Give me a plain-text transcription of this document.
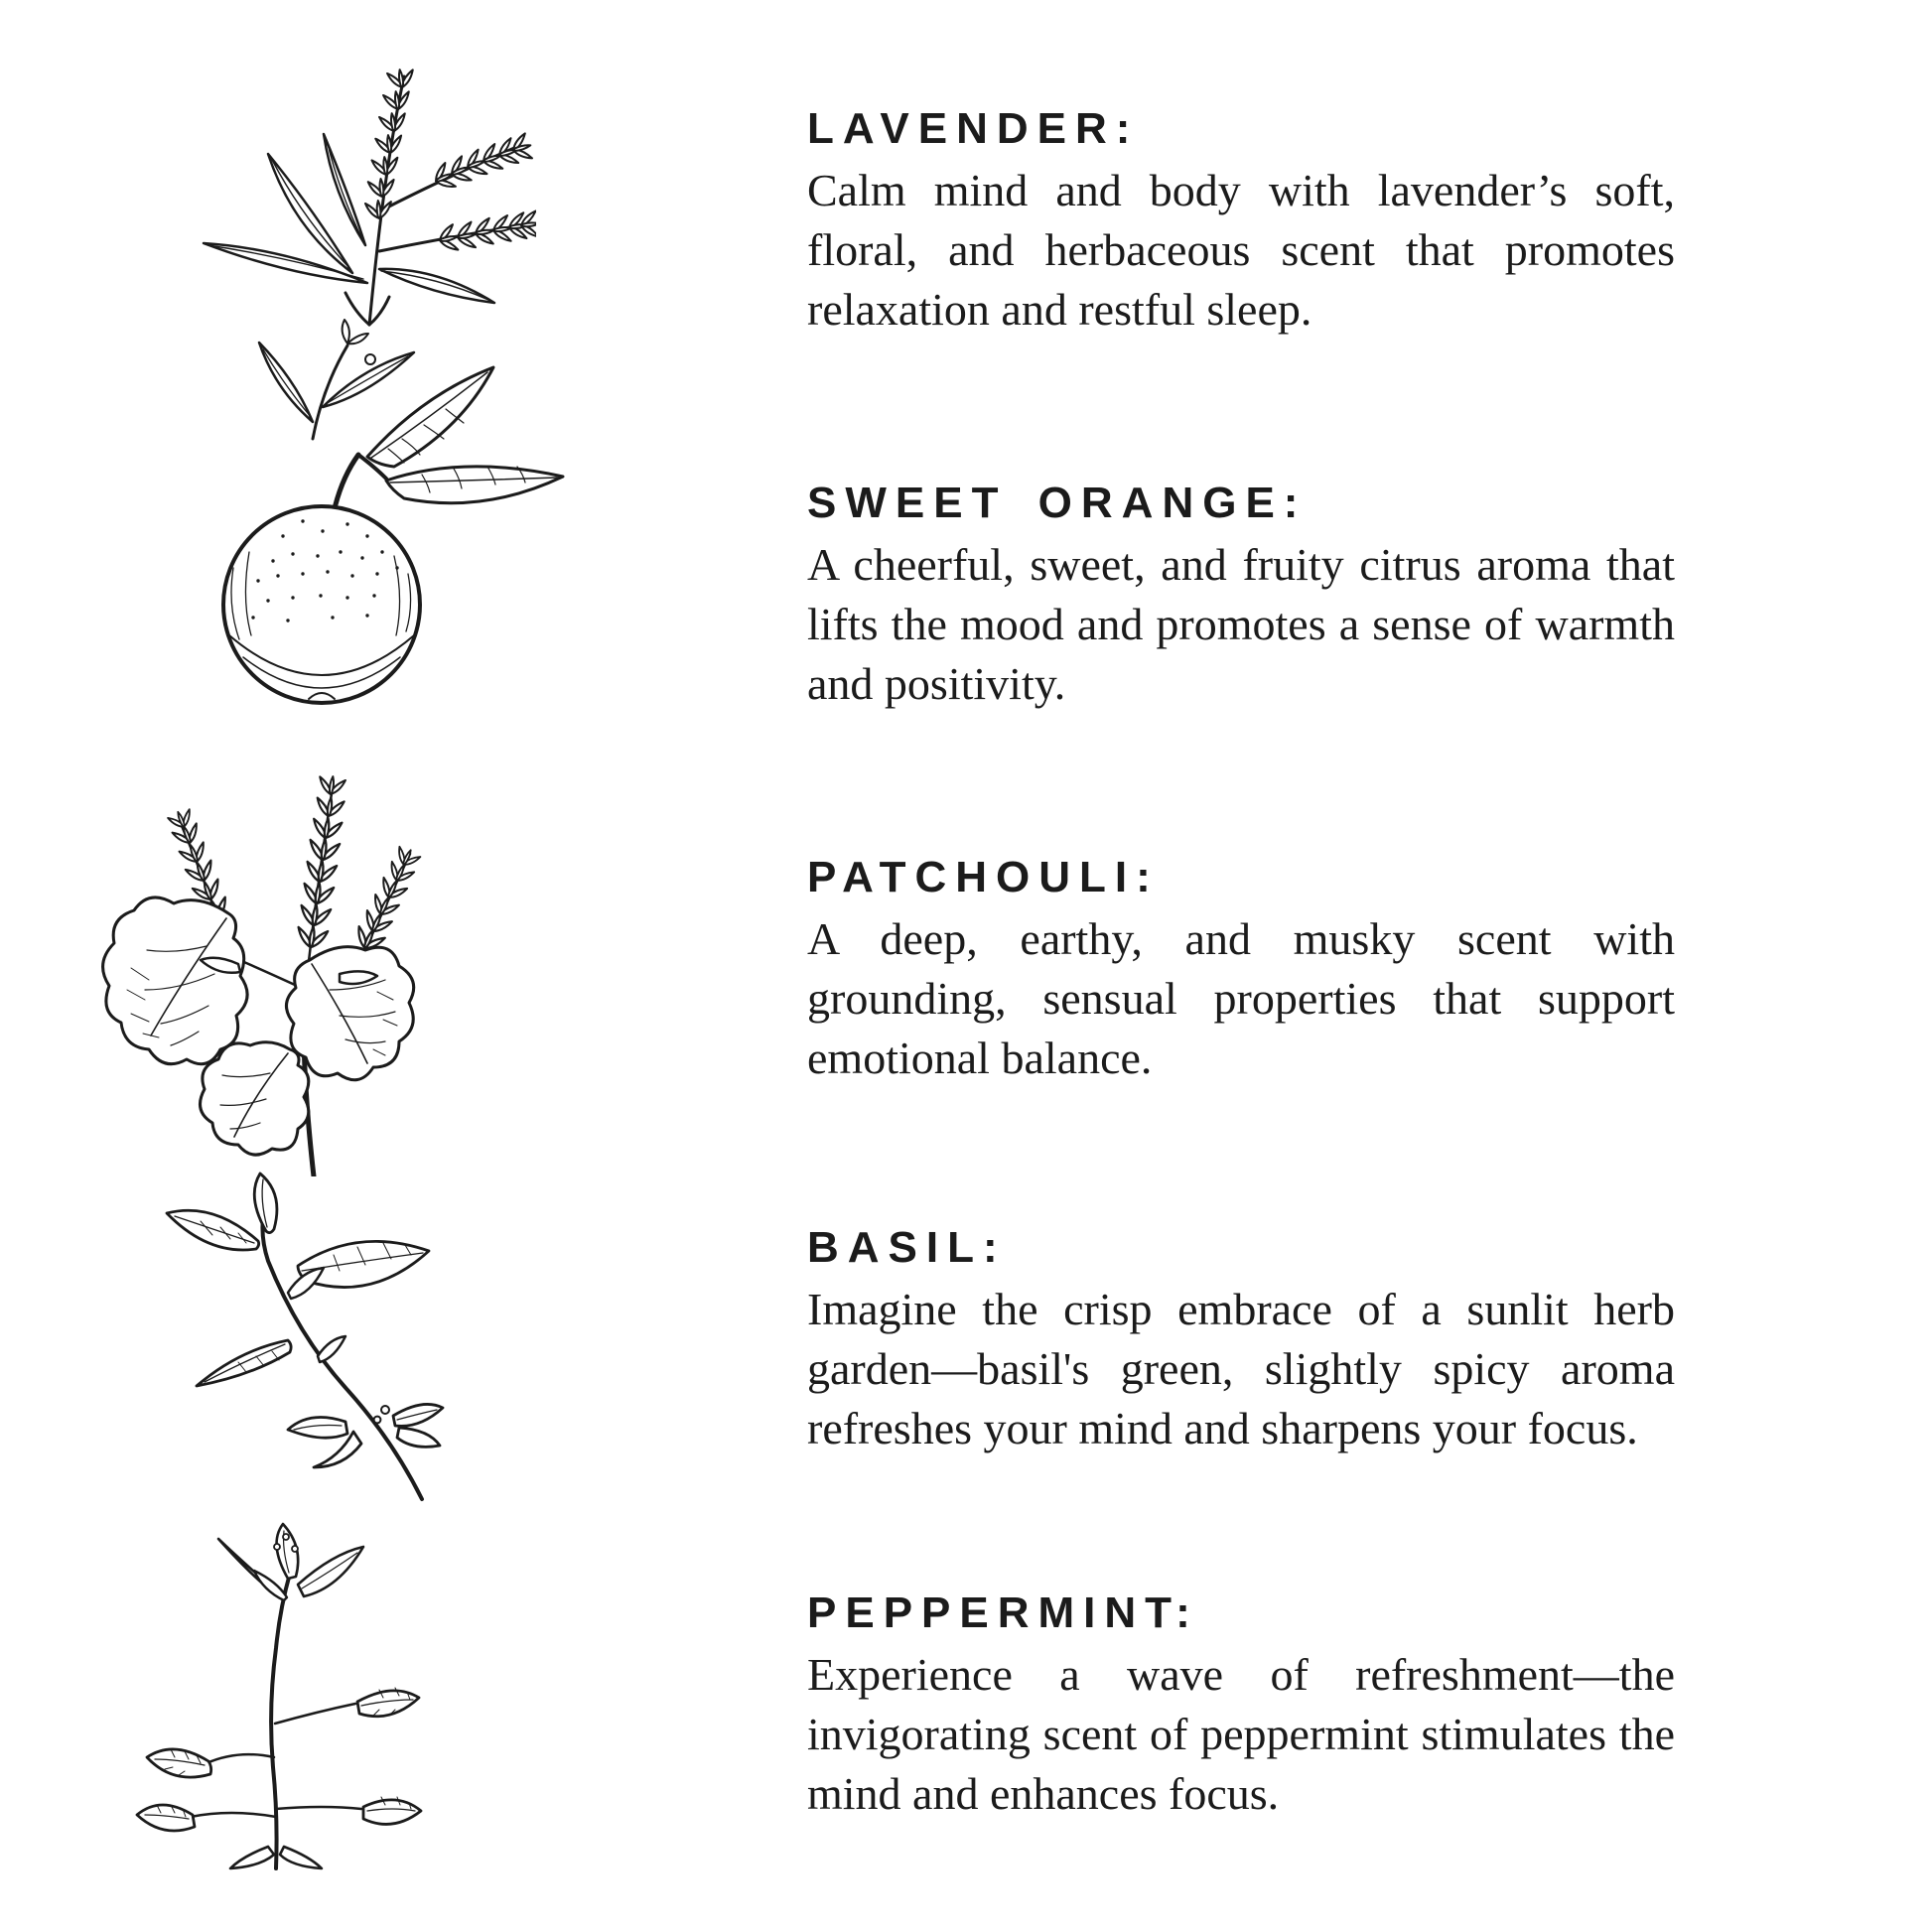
LAVENDER:

Calm mind and body with lavender’s soft, floral, and herbaceous scent that promotes relaxation and restful sleep.

SWEET ORANGE:

A cheerful, sweet, and fruity citrus aroma that lifts the mood and promotes a sense of warmth and positivity.

PATCHOULI:

A deep, earthy, and musky scent with grounding, sensual properties that support emotional balance.

BASIL:

Imagine the crisp embrace of a sunlit herb garden—basil's green, slightly spicy aroma refreshes your mind and sharpens your focus.

PEPPERMINT:

Experience a wave of refreshment—the invigorating scent of peppermint stimulates the mind and enhances focus.
